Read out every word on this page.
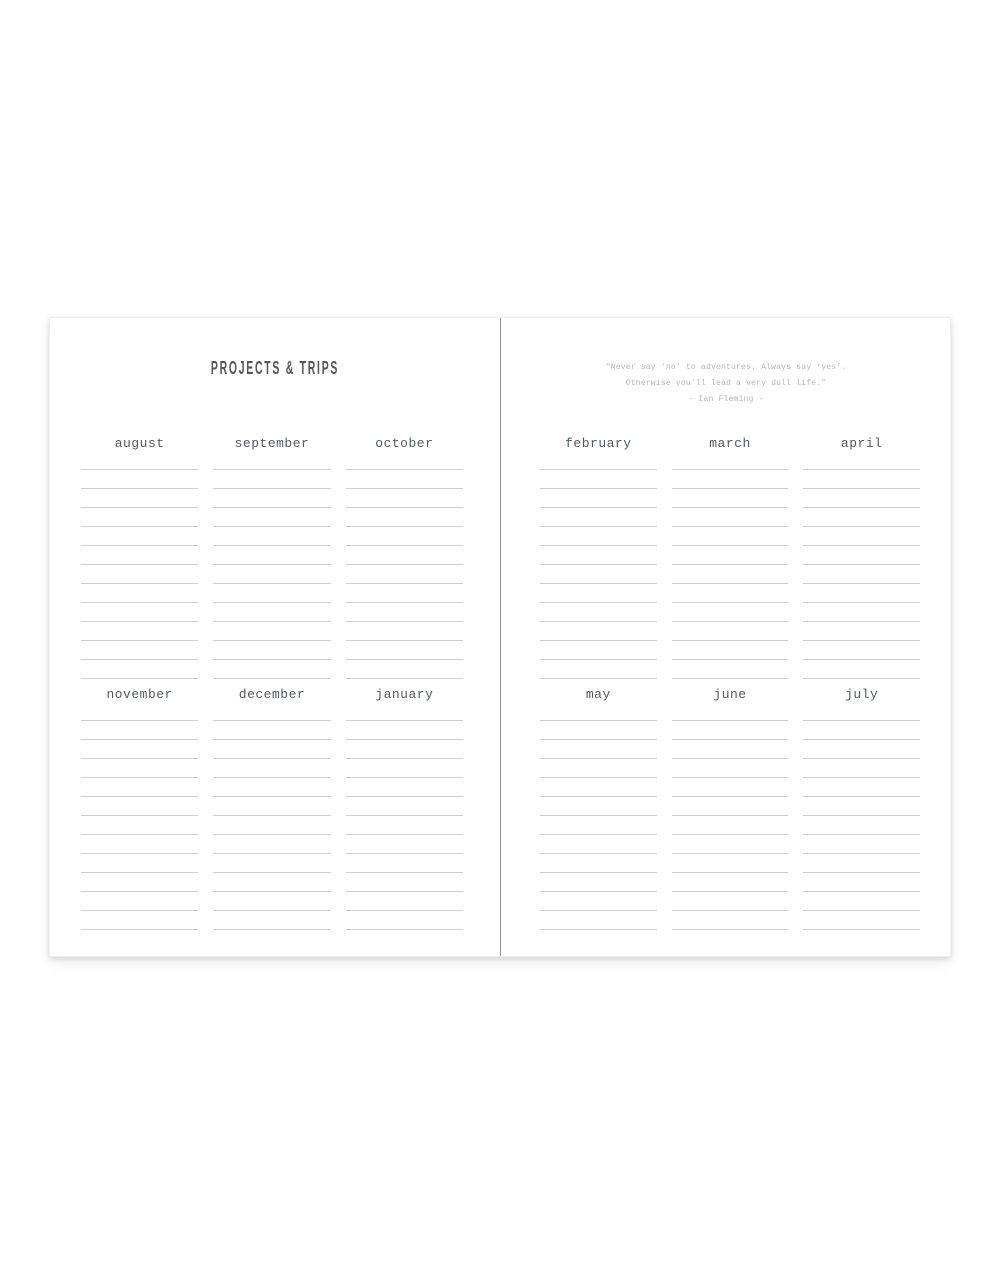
PROJECTS & TRIPS
august	september	october
november	december	january

“Never say ‘no’ to adventures. Always say ‘yes’.

Otherwise you’ll lead a very dull life.”

- Ian Fleming -

february	march	april
may	june	july
